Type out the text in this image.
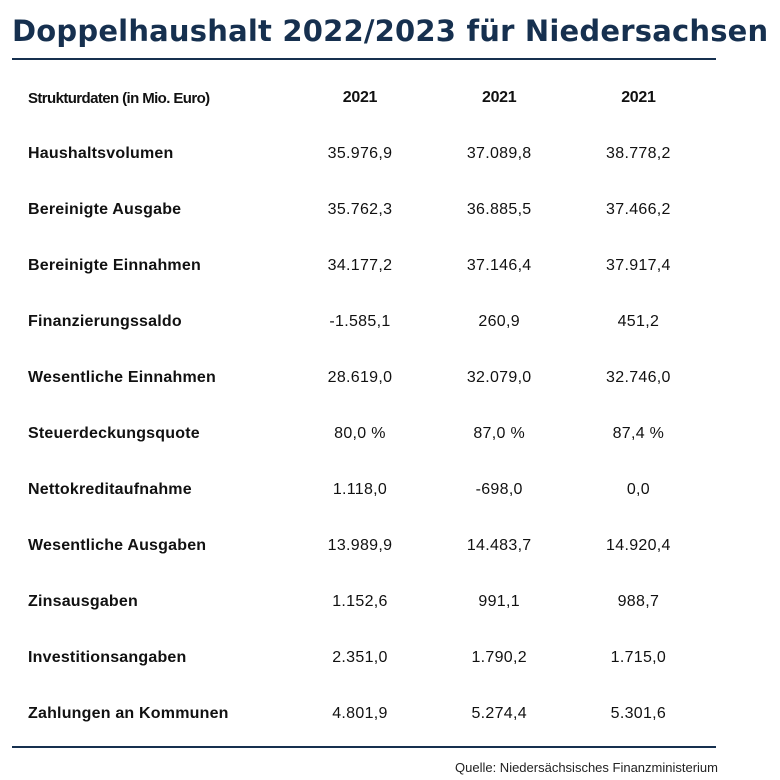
Doppelhaushalt 2022/2023 für Niedersachsen
Strukturdaten (in Mio. Euro)	2021	2021	2021
Haushaltsvolumen	35.976,9	37.089,8	38.778,2
Bereinigte Ausgabe	35.762,3	36.885,5	37.466,2
Bereinigte Einnahmen	34.177,2	37.146,4	37.917,4
Finanzierungssaldo	-1.585,1	260,9	451,2
Wesentliche Einnahmen	28.619,0	32.079,0	32.746,0
Steuerdeckungsquote	80,0 %	87,0 %	87,4 %
Nettokreditaufnahme	1.118,0	-698,0	0,0
Wesentliche Ausgaben	13.989,9	14.483,7	14.920,4
Zinsausgaben	1.152,6	991,1	988,7
Investitionsangaben	2.351,0	1.790,2	1.715,0
Zahlungen an Kommunen	4.801,9	5.274,4	5.301,6
Quelle: Niedersächsisches Finanzministerium
